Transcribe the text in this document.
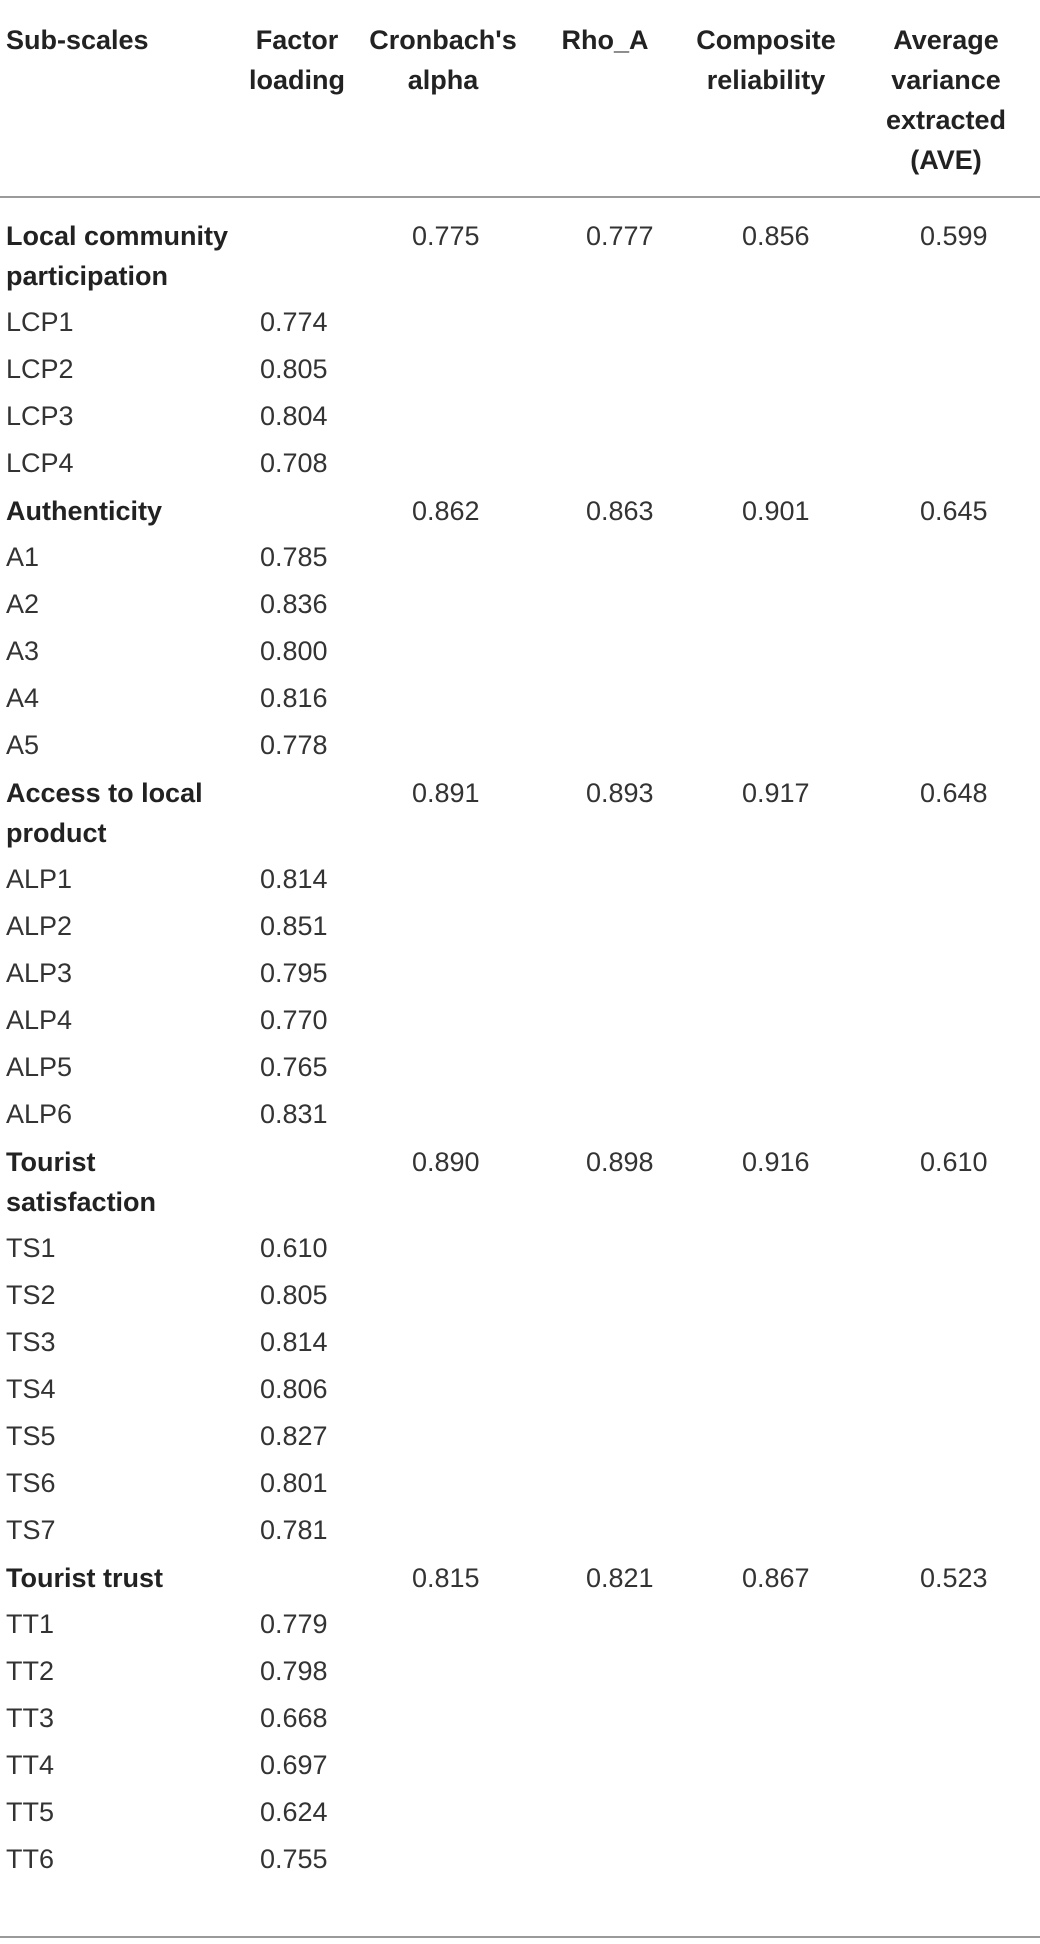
Sub-scales	Factor loading	Cronbach's alpha	Rho_A	Composite reliability	Average variance extracted (AVE)
Local community participation		0.775	0.777	0.856	0.599
LCP1	0.774				
LCP2	0.805				
LCP3	0.804				
LCP4	0.708				
Authenticity		0.862	0.863	0.901	0.645
A1	0.785				
A2	0.836				
A3	0.800				
A4	0.816				
A5	0.778				
Access to local product		0.891	0.893	0.917	0.648
ALP1	0.814				
ALP2	0.851				
ALP3	0.795				
ALP4	0.770				
ALP5	0.765				
ALP6	0.831				
Tourist satisfaction		0.890	0.898	0.916	0.610
TS1	0.610				
TS2	0.805				
TS3	0.814				
TS4	0.806				
TS5	0.827				
TS6	0.801				
TS7	0.781				
Tourist trust		0.815	0.821	0.867	0.523
TT1	0.779				
TT2	0.798				
TT3	0.668				
TT4	0.697				
TT5	0.624				
TT6	0.755				
